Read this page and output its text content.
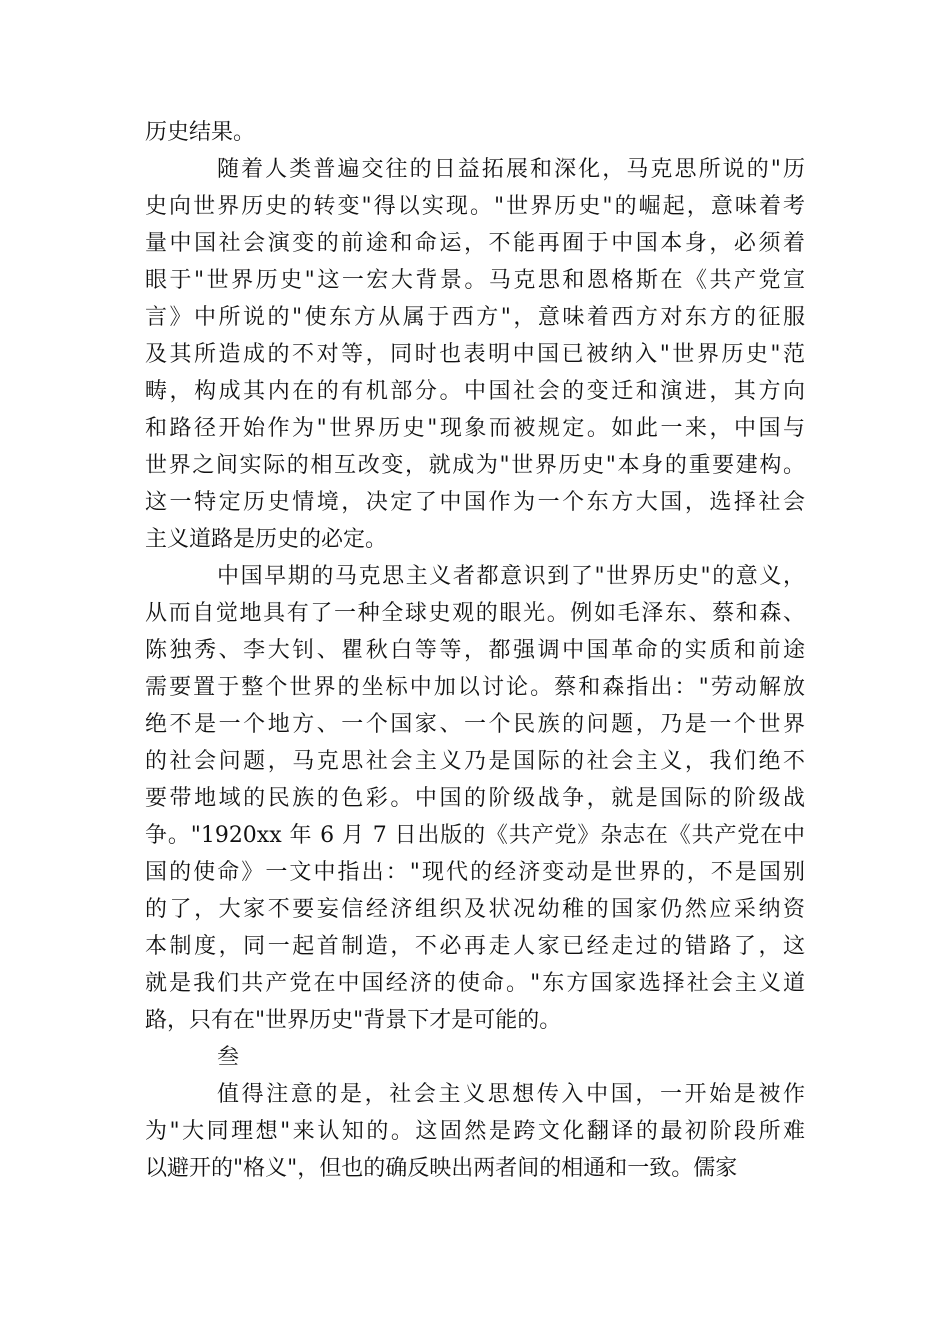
历史结果。
随着人类普遍交往的日益拓展和深化，马克思所说的"历
史向世界历史的转变"得以实现。"世界历史"的崛起，意味着考
量中国社会演变的前途和命运，不能再囿于中国本身，必须着
眼于"世界历史"这一宏大背景。马克思和恩格斯在《共产党宣
言》中所说的"使东方从属于西方"，意味着西方对东方的征服
及其所造成的不对等，同时也表明中国已被纳入"世界历史"范
畴，构成其内在的有机部分。中国社会的变迁和演进，其方向
和路径开始作为"世界历史"现象而被规定。如此一来，中国与
世界之间实际的相互改变，就成为"世界历史"本身的重要建构。
这一特定历史情境，决定了中国作为一个东方大国，选择社会
主义道路是历史的必定。
中国早期的马克思主义者都意识到了"世界历史"的意义，
从而自觉地具有了一种全球史观的眼光。例如毛泽东、蔡和森、
陈独秀、李大钊、瞿秋白等等，都强调中国革命的实质和前途
需要置于整个世界的坐标中加以讨论。蔡和森指出："劳动解放
绝不是一个地方、一个国家、一个民族的问题，乃是一个世界
的社会问题，马克思社会主义乃是国际的社会主义，我们绝不
要带地域的民族的色彩。中国的阶级战争，就是国际的阶级战
争。"1920xx 年 6 月 7 日出版的《共产党》杂志在《共产党在中
国的使命》一文中指出："现代的经济变动是世界的，不是国别
的了，大家不要妄信经济组织及状况幼稚的国家仍然应采纳资
本制度，同一起首制造，不必再走人家已经走过的错路了，这
就是我们共产党在中国经济的使命。"东方国家选择社会主义道
路，只有在"世界历史"背景下才是可能的。
叁
值得注意的是，社会主义思想传入中国，一开始是被作
为"大同理想"来认知的。这固然是跨文化翻译的最初阶段所难
以避开的"格义"，但也的确反映出两者间的相通和一致。儒家
